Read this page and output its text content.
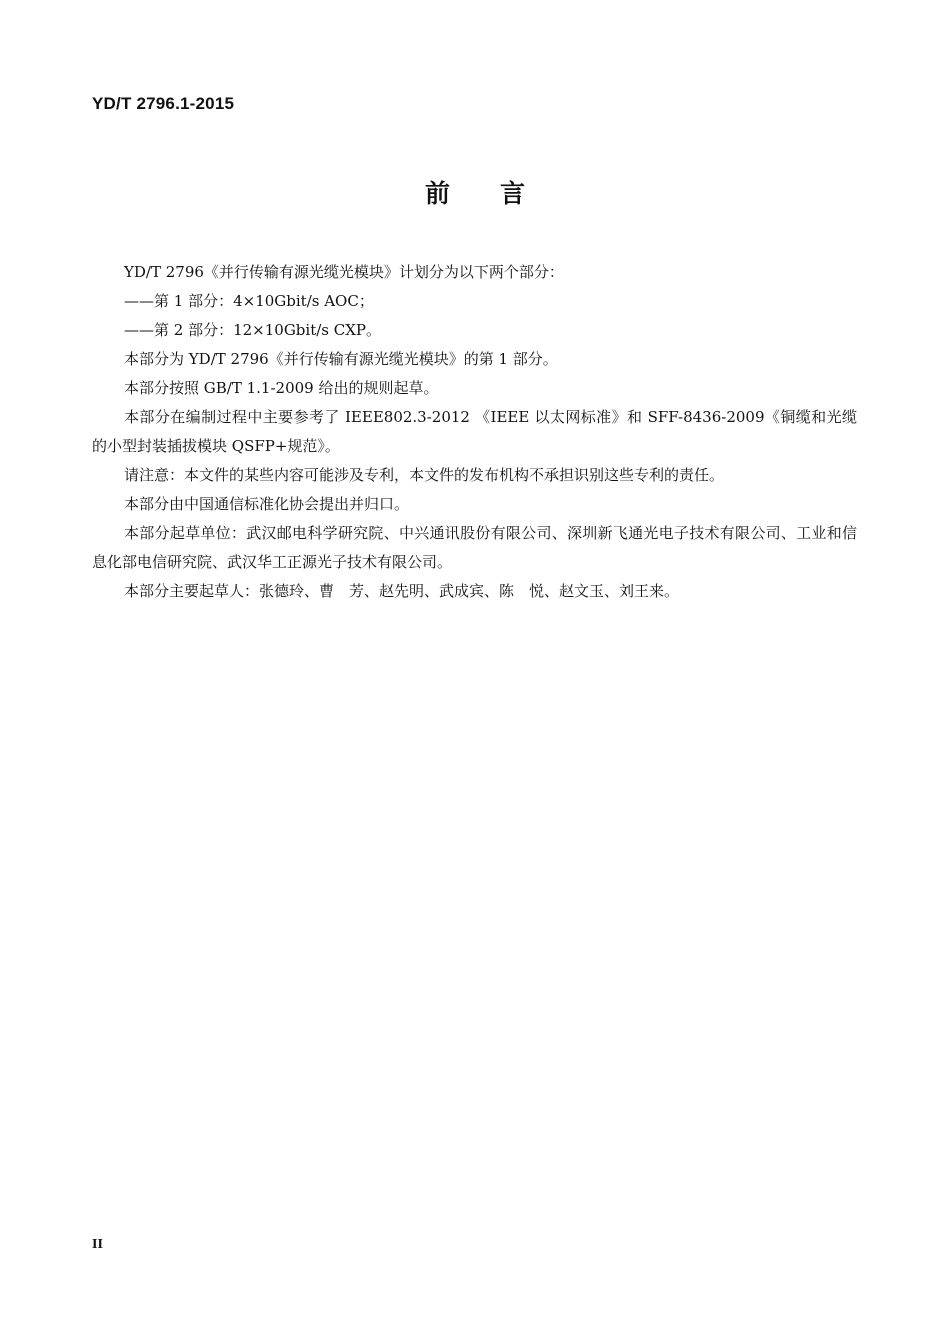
YD/T 2796.1-2015
前言

YD/T 2796《并行传输有源光缆光模块》计划分为以下两个部分：

——第 1 部分：4×10Gbit/s AOC；

——第 2 部分：12×10Gbit/s CXP。

本部分为 YD/T 2796《并行传输有源光缆光模块》的第 1 部分。

本部分按照 GB/T 1.1-2009 给出的规则起草。

本部分在编制过程中主要参考了 IEEE802.3-2012 《IEEE 以太网标准》和 SFF-8436-2009《铜缆和光缆的小型封装插拔模块 QSFP+规范》。

请注意：本文件的某些内容可能涉及专利，本文件的发布机构不承担识别这些专利的责任。

本部分由中国通信标准化协会提出并归口。

本部分起草单位：武汉邮电科学研究院、中兴通讯股份有限公司、深圳新飞通光电子技术有限公司、工业和信息化部电信研究院、武汉华工正源光子技术有限公司。

本部分主要起草人：张德玲、曹　芳、赵先明、武成宾、陈　悦、赵文玉、刘王来。

II
